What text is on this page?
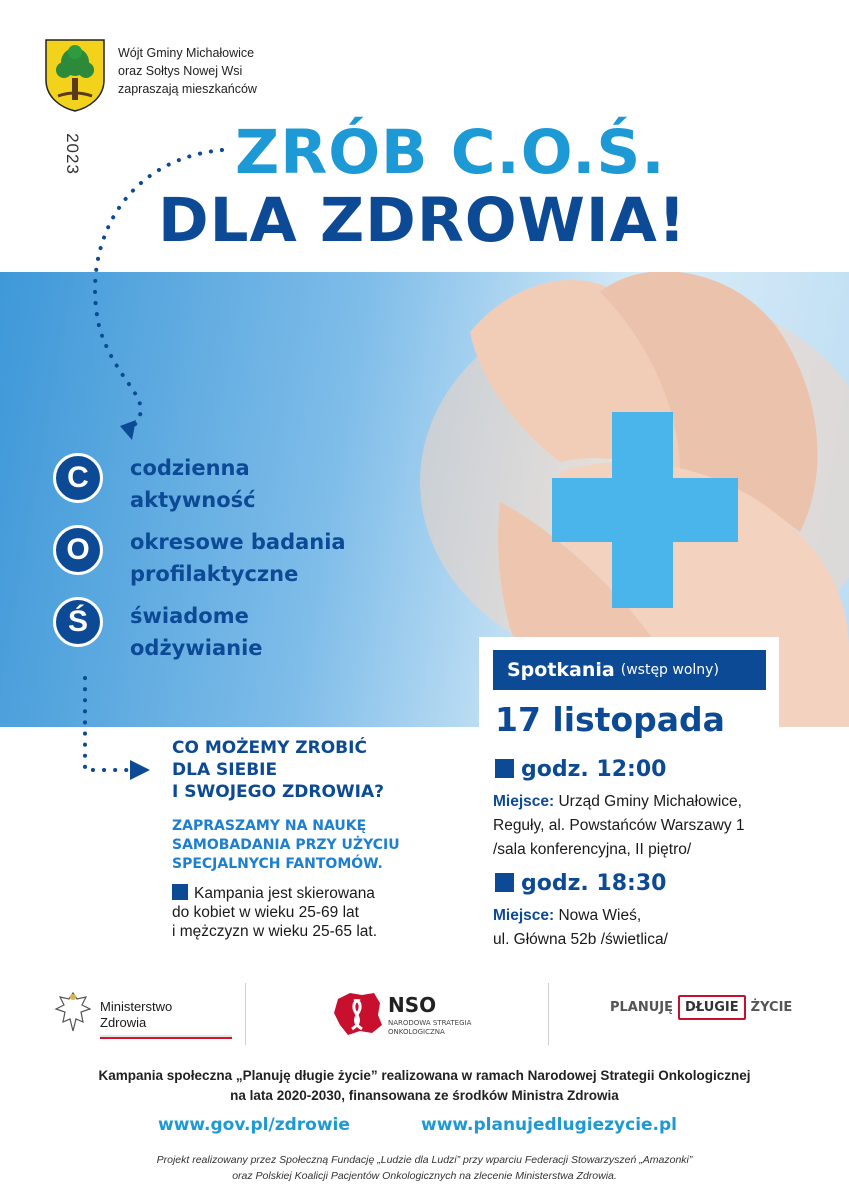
Wójt Gminy Michałowice
oraz Sołtys Nowej Wsi
zapraszają mieszkańców
2023	ZRÓB C.O.Ś.
DLA ZDROWIA!
C
O
Ś
codzienna
aktywność
okresowe badania
profilaktyczne
świadome
odżywianie
Spotkania (wstęp wolny)
17 listopada
godz. 12:00
Miejsce: Urząd Gminy Michałowice,
Reguły, al. Powstańców Warszawy 1
/sala konferencyjna, II piętro/
godz. 18:30
Miejsce: Nowa Wieś,
ul. Główna 52b /świetlica/
CO MOŻEMY ZROBIĆ
DLA SIEBIE
I SWOJEGO ZDROWIA?
ZAPRASZAMY NA NAUKĘ
SAMOBADANIA PRZY UŻYCIU
SPECJALNYCH FANTOMÓW.
Kampania jest skierowana
do kobiet w wieku 25-69 lat
i mężczyzn w wieku 25-65 lat.
Ministerstwo
Zdrowia
NSO
NARODOWA STRATEGIA
ONKOLOGICZNA
PLANUJĘ DŁUGIE ŻYCIE
Kampania społeczna „Planuję długie życie” realizowana w ramach Narodowej Strategii Onkologicznej
na lata 2020-2030, finansowana ze środków Ministra Zdrowia
www.gov.pl/zdrowie	www.planujedlugiezycie.pl
Projekt realizowany przez Społeczną Fundację „Ludzie dla Ludzi” przy wparciu Federacji Stowarzyszeń „Amazonki”
oraz Polskiej Koalicji Pacjentów Onkologicznych na zlecenie Ministerstwa Zdrowia.
